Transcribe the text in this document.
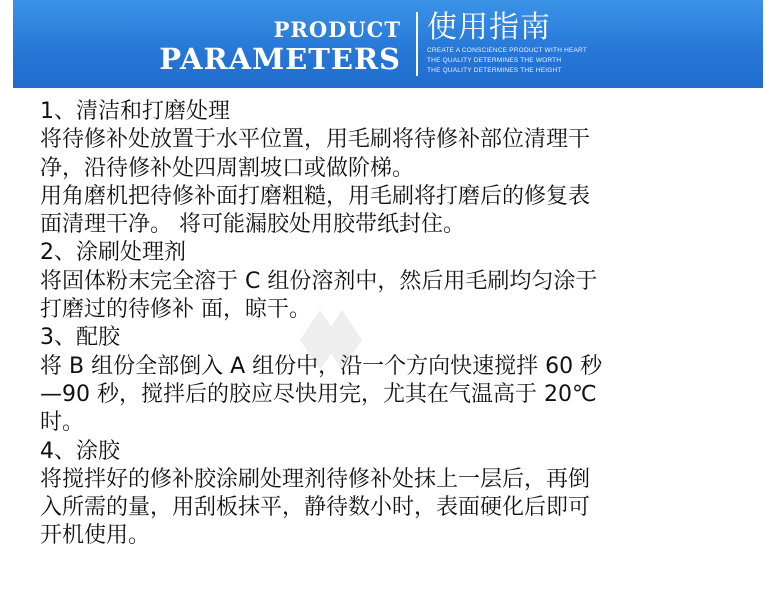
PRODUCT
PARAMETERS
使用指南
CREATE A CONSCIENCE PRODUCT WITH HEART
THE QUALITY DETERMINES THE WORTH
THE QUALITY DETERMINES THE HEIGHT
1、清洁和打磨处理
将待修补处放置于水平位置，用毛刷将待修补部位清理干
净，沿待修补处四周割坡口或做阶梯。
用角磨机把待修补面打磨粗糙，用毛刷将打磨后的修复表
面清理干净。 将可能漏胶处用胶带纸封住。
2、涂刷处理剂
将固体粉末完全溶于 C 组份溶剂中，然后用毛刷均匀涂于
打磨过的待修补 面，晾干。
3、配胶
将 B 组份全部倒入 A 组份中，沿一个方向快速搅拌 60 秒
—90 秒，搅拌后的胶应尽快用完，尤其在气温高于 20℃
时。
4、涂胶
将搅拌好的修补胶涂刷处理剂待修补处抹上一层后，再倒
入所需的量，用刮板抹平，静待数小时，表面硬化后即可
开机使用。
